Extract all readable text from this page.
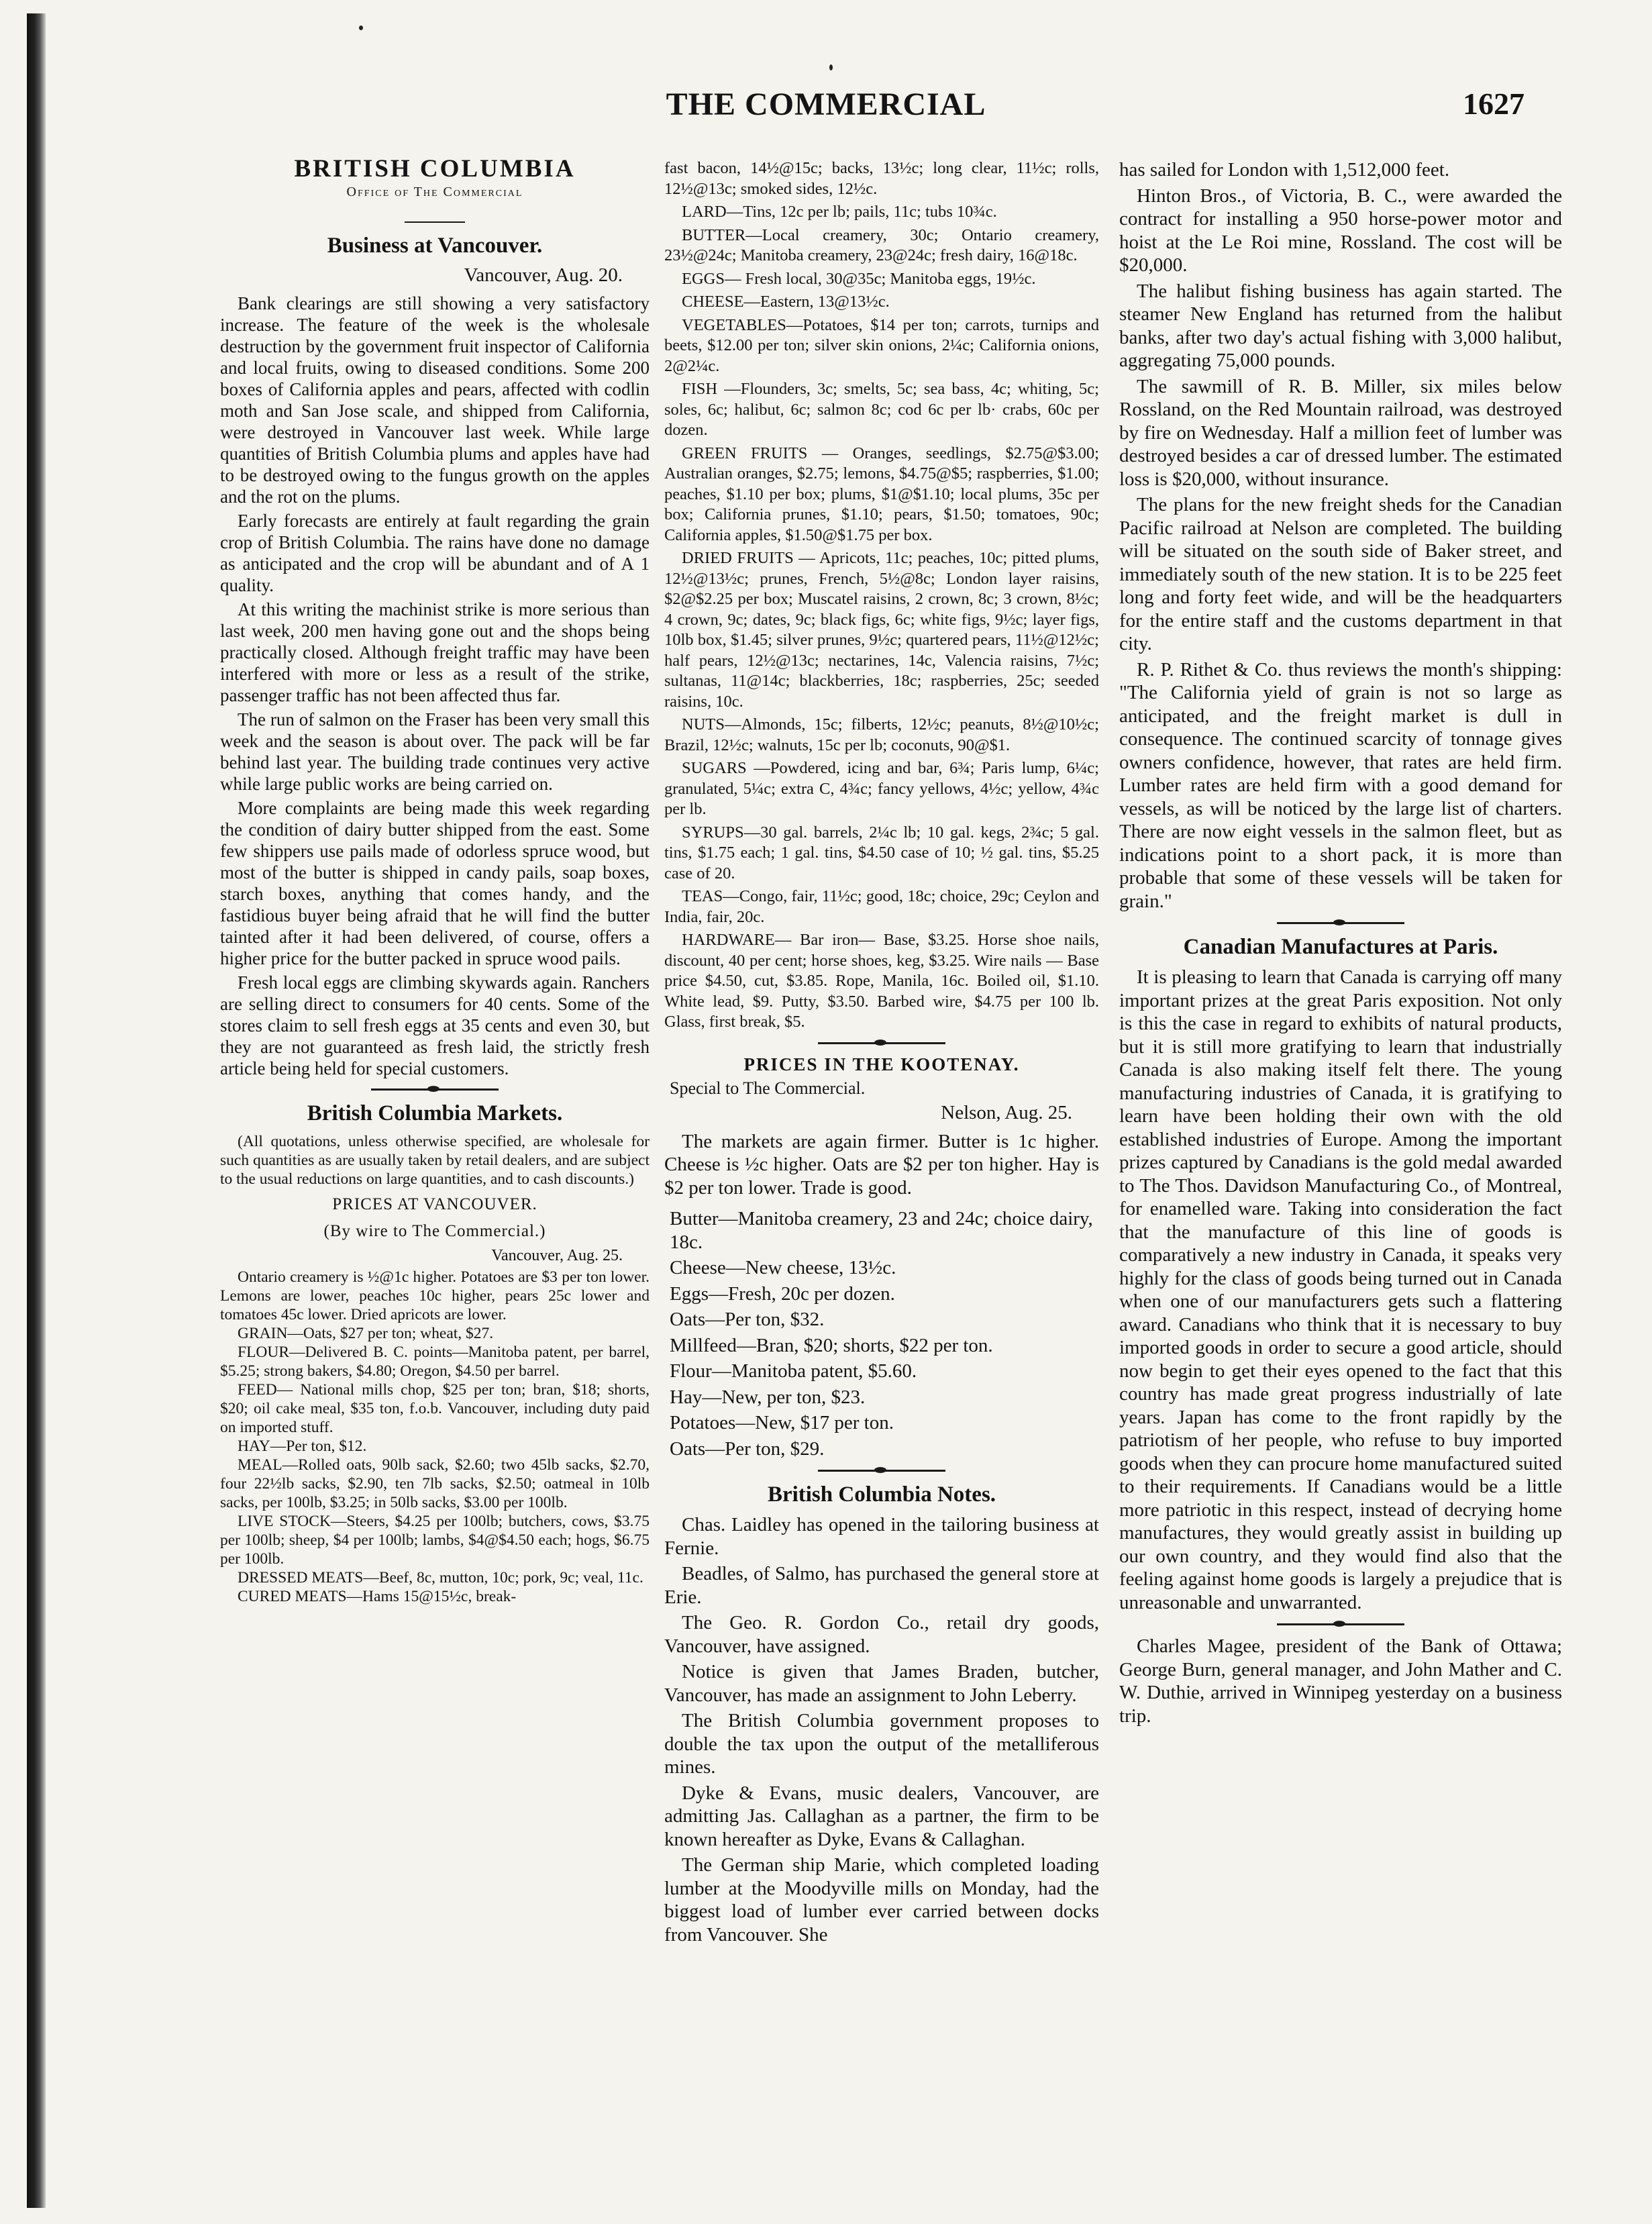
THE COMMERCIAL	1627
BRITISH COLUMBIA
Office of The Commercial
Business at Vancouver.
Vancouver, Aug. 20.

Bank clearings are still showing a very satisfactory increase. The feature of the week is the wholesale destruction by the government fruit inspector of California and local fruits, owing to diseased conditions. Some 200 boxes of California apples and pears, affected with codlin moth and San Jose scale, and shipped from California, were destroyed in Vancouver last week. While large quantities of British Columbia plums and apples have had to be destroyed owing to the fungus growth on the apples and the rot on the plums.

Early forecasts are entirely at fault regarding the grain crop of British Columbia. The rains have done no damage as anticipated and the crop will be abundant and of A 1 quality.

At this writing the machinist strike is more serious than last week, 200 men having gone out and the shops being practically closed. Although freight traffic may have been interfered with more or less as a result of the strike, passenger traffic has not been affected thus far.

The run of salmon on the Fraser has been very small this week and the season is about over. The pack will be far behind last year. The building trade continues very active while large public works are being carried on.

More complaints are being made this week regarding the condition of dairy butter shipped from the east. Some few shippers use pails made of odorless spruce wood, but most of the butter is shipped in candy pails, soap boxes, starch boxes, anything that comes handy, and the fastidious buyer being afraid that he will find the butter tainted after it had been delivered, of course, offers a higher price for the butter packed in spruce wood pails.

Fresh local eggs are climbing skywards again. Ranchers are selling direct to consumers for 40 cents. Some of the stores claim to sell fresh eggs at 35 cents and even 30, but they are not guaranteed as fresh laid, the strictly fresh article being held for special customers.

British Columbia Markets.

(All quotations, unless otherwise specified, are wholesale for such quantities as are usually taken by retail dealers, and are subject to the usual reductions on large quantities, and to cash discounts.)

PRICES AT VANCOUVER.
(By wire to The Commercial.)
Vancouver, Aug. 25.

Ontario creamery is ½@1c higher. Potatoes are $3 per ton lower. Lemons are lower, peaches 10c higher, pears 25c lower and tomatoes 45c lower. Dried apricots are lower.

GRAIN—Oats, $27 per ton; wheat, $27.

FLOUR—Delivered B. C. points—Manitoba patent, per barrel, $5.25; strong bakers, $4.80; Oregon, $4.50 per barrel.

FEED— National mills chop, $25 per ton; bran, $18; shorts, $20; oil cake meal, $35 ton, f.o.b. Vancouver, including duty paid on imported stuff.

HAY—Per ton, $12.

MEAL—Rolled oats, 90lb sack, $2.60; two 45lb sacks, $2.70, four 22½lb sacks, $2.90, ten 7lb sacks, $2.50; oatmeal in 10lb sacks, per 100lb, $3.25; in 50lb sacks, $3.00 per 100lb.

LIVE STOCK—Steers, $4.25 per 100lb; butchers, cows, $3.75 per 100lb; sheep, $4 per 100lb; lambs, $4@$4.50 each; hogs, $6.75 per 100lb.

DRESSED MEATS—Beef, 8c, mutton, 10c; pork, 9c; veal, 11c.

CURED MEATS—Hams 15@15½c, break-

fast bacon, 14½@15c; backs, 13½c; long clear, 11½c; rolls, 12½@13c; smoked sides, 12½c.

LARD—Tins, 12c per lb; pails, 11c; tubs 10¾c.

BUTTER—Local creamery, 30c; Ontario creamery, 23½@24c; Manitoba creamery, 23@24c; fresh dairy, 16@18c.

EGGS— Fresh local, 30@35c; Manitoba eggs, 19½c.

CHEESE—Eastern, 13@13½c.

VEGETABLES—Potatoes, $14 per ton; carrots, turnips and beets, $12.00 per ton; silver skin onions, 2¼c; California onions, 2@2¼c.

FISH —Flounders, 3c; smelts, 5c; sea bass, 4c; whiting, 5c; soles, 6c; halibut, 6c; salmon 8c; cod 6c per lb· crabs, 60c per dozen.

GREEN FRUITS — Oranges, seedlings, $2.75@$3.00; Australian oranges, $2.75; lemons, $4.75@$5; raspberries, $1.00; peaches, $1.10 per box; plums, $1@$1.10; local plums, 35c per box; California prunes, $1.10; pears, $1.50; tomatoes, 90c; California apples, $1.50@$1.75 per box.

DRIED FRUITS — Apricots, 11c; peaches, 10c; pitted plums, 12½@13½c; prunes, French, 5½@8c; London layer raisins, $2@$2.25 per box; Muscatel raisins, 2 crown, 8c; 3 crown, 8½c; 4 crown, 9c; dates, 9c; black figs, 6c; white figs, 9½c; layer figs, 10lb box, $1.45; silver prunes, 9½c; quartered pears, 11½@12½c; half pears, 12½@13c; nectarines, 14c, Valencia raisins, 7½c; sultanas, 11@14c; blackberries, 18c; raspberries, 25c; seeded raisins, 10c.

NUTS—Almonds, 15c; filberts, 12½c; peanuts, 8½@10½c; Brazil, 12½c; walnuts, 15c per lb; coconuts, 90@$1.

SUGARS —Powdered, icing and bar, 6¾; Paris lump, 6¼c; granulated, 5¼c; extra C, 4¾c; fancy yellows, 4½c; yellow, 4¾c per lb.

SYRUPS—30 gal. barrels, 2¼c lb; 10 gal. kegs, 2¾c; 5 gal. tins, $1.75 each; 1 gal. tins, $4.50 case of 10; ½ gal. tins, $5.25 case of 20.

TEAS—Congo, fair, 11½c; good, 18c; choice, 29c; Ceylon and India, fair, 20c.

HARDWARE— Bar iron— Base, $3.25. Horse shoe nails, discount, 40 per cent; horse shoes, keg, $3.25. Wire nails — Base price $4.50, cut, $3.85. Rope, Manila, 16c. Boiled oil, $1.10. White lead, $9. Putty, $3.50. Barbed wire, $4.75 per 100 lb. Glass, first break, $5.

PRICES IN THE KOOTENAY.
Special to The Commercial.
Nelson, Aug. 25.

The markets are again firmer. Butter is 1c higher. Cheese is ½c higher. Oats are $2 per ton higher. Hay is $2 per ton lower. Trade is good.

Butter—Manitoba creamery, 23 and 24c; choice dairy, 18c.

Cheese—New cheese, 13½c.

Eggs—Fresh, 20c per dozen.

Oats—Per ton, $32.

Millfeed—Bran, $20; shorts, $22 per ton.

Flour—Manitoba patent, $5.60.

Hay—New, per ton, $23.

Potatoes—New, $17 per ton.

Oats—Per ton, $29.

British Columbia Notes.

Chas. Laidley has opened in the tailoring business at Fernie.

Beadles, of Salmo, has purchased the general store at Erie.

The Geo. R. Gordon Co., retail dry goods, Vancouver, have assigned.

Notice is given that James Braden, butcher, Vancouver, has made an assignment to John Leberry.

The British Columbia government proposes to double the tax upon the output of the metalliferous mines.

Dyke & Evans, music dealers, Vancouver, are admitting Jas. Callaghan as a partner, the firm to be known hereafter as Dyke, Evans & Callaghan.

The German ship Marie, which completed loading lumber at the Moodyville mills on Monday, had the biggest load of lumber ever carried between docks from Vancouver. She

has sailed for London with 1,512,000 feet.

Hinton Bros., of Victoria, B. C., were awarded the contract for installing a 950 horse-power motor and hoist at the Le Roi mine, Rossland. The cost will be $20,000.

The halibut fishing business has again started. The steamer New England has returned from the halibut banks, after two day's actual fishing with 3,000 halibut, aggregating 75,000 pounds.

The sawmill of R. B. Miller, six miles below Rossland, on the Red Mountain railroad, was destroyed by fire on Wednesday. Half a million feet of lumber was destroyed besides a car of dressed lumber. The estimated loss is $20,000, without insurance.

The plans for the new freight sheds for the Canadian Pacific railroad at Nelson are completed. The building will be situated on the south side of Baker street, and immediately south of the new station. It is to be 225 feet long and forty feet wide, and will be the headquarters for the entire staff and the customs department in that city.

R. P. Rithet & Co. thus reviews the month's shipping: "The California yield of grain is not so large as anticipated, and the freight market is dull in consequence. The continued scarcity of tonnage gives owners confidence, however, that rates are held firm. Lumber rates are held firm with a good demand for vessels, as will be noticed by the large list of charters. There are now eight vessels in the salmon fleet, but as indications point to a short pack, it is more than probable that some of these vessels will be taken for grain."

Canadian Manufactures at Paris.

It is pleasing to learn that Canada is carrying off many important prizes at the great Paris exposition. Not only is this the case in regard to exhibits of natural products, but it is still more gratifying to learn that industrially Canada is also making itself felt there. The young manufacturing industries of Canada, it is gratifying to learn have been holding their own with the old established industries of Europe. Among the important prizes captured by Canadians is the gold medal awarded to The Thos. Davidson Manufacturing Co., of Montreal, for enamelled ware. Taking into consideration the fact that the manufacture of this line of goods is comparatively a new industry in Canada, it speaks very highly for the class of goods being turned out in Canada when one of our manufacturers gets such a flattering award. Canadians who think that it is necessary to buy imported goods in order to secure a good article, should now begin to get their eyes opened to the fact that this country has made great progress industrially of late years. Japan has come to the front rapidly by the patriotism of her people, who refuse to buy imported goods when they can procure home manufactured suited to their requirements. If Canadians would be a little more patriotic in this respect, instead of decrying home manufactures, they would greatly assist in building up our own country, and they would find also that the feeling against home goods is largely a prejudice that is unreasonable and unwarranted.

Charles Magee, president of the Bank of Ottawa; George Burn, general manager, and John Mather and C. W. Duthie, arrived in Winnipeg yesterday on a business trip.
